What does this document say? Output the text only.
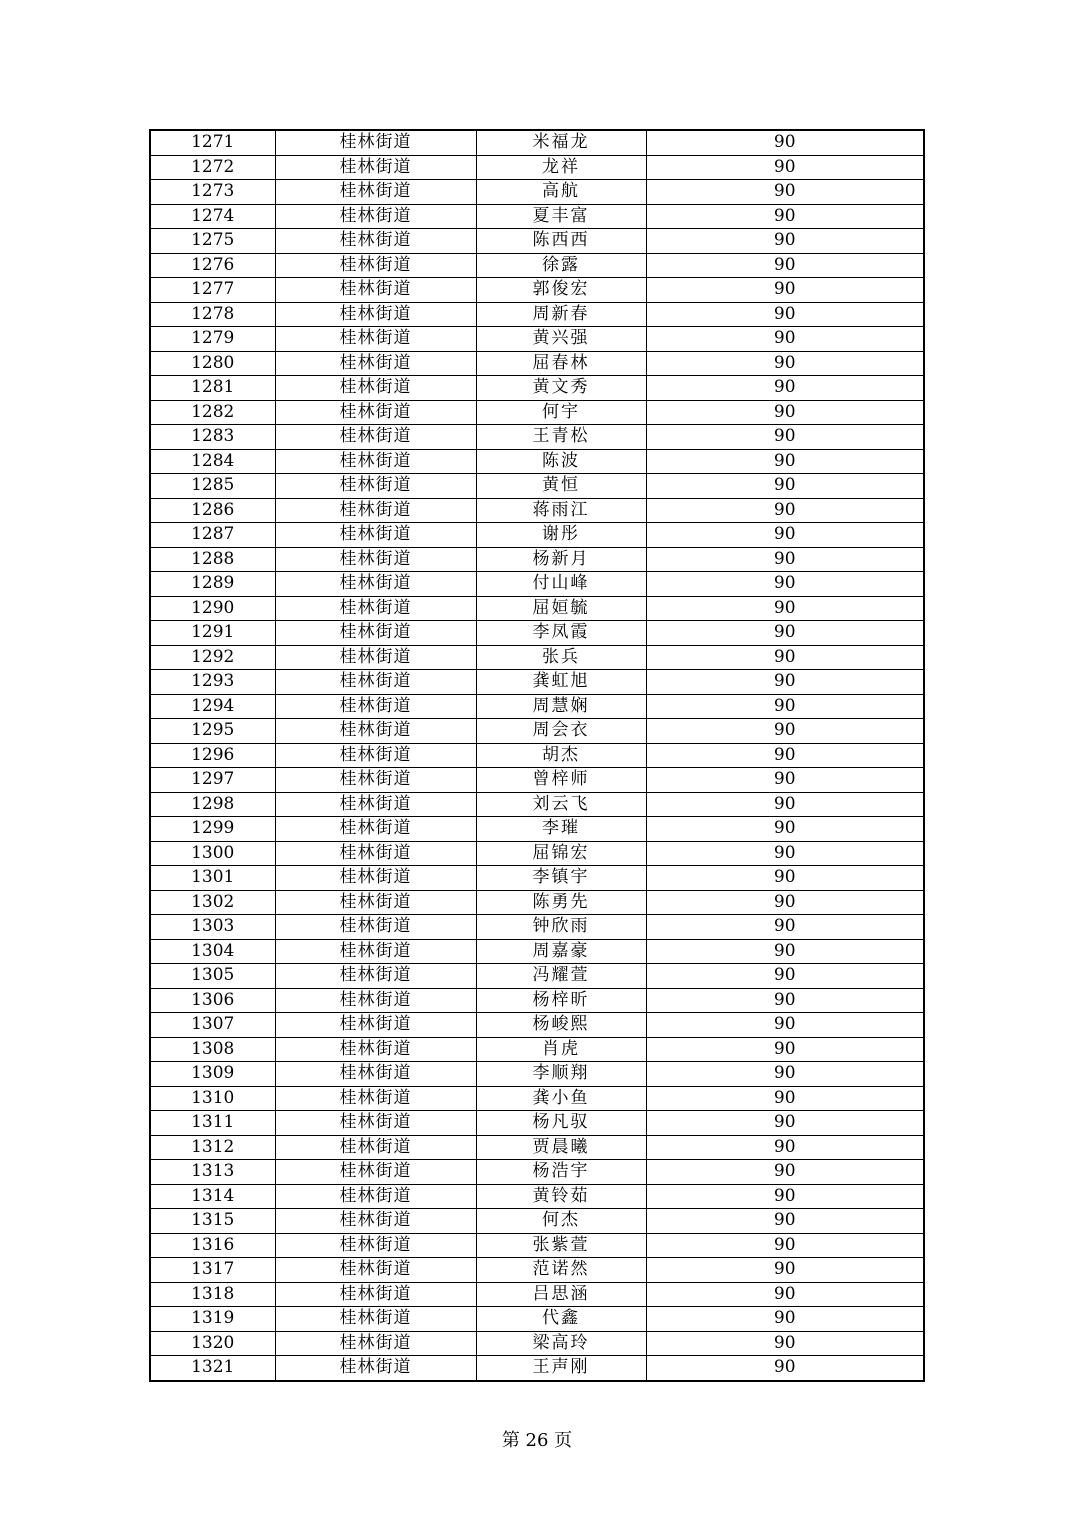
1271	桂林街道	米福龙	90
1272	桂林街道	龙祥	90
1273	桂林街道	高航	90
1274	桂林街道	夏丰富	90
1275	桂林街道	陈西西	90
1276	桂林街道	徐露	90
1277	桂林街道	郭俊宏	90
1278	桂林街道	周新春	90
1279	桂林街道	黄兴强	90
1280	桂林街道	屈春林	90
1281	桂林街道	黄文秀	90
1282	桂林街道	何宇	90
1283	桂林街道	王青松	90
1284	桂林街道	陈波	90
1285	桂林街道	黄恒	90
1286	桂林街道	蒋雨江	90
1287	桂林街道	谢彤	90
1288	桂林街道	杨新月	90
1289	桂林街道	付山峰	90
1290	桂林街道	屈姮毓	90
1291	桂林街道	李凤霞	90
1292	桂林街道	张兵	90
1293	桂林街道	龚虹旭	90
1294	桂林街道	周慧娴	90
1295	桂林街道	周会衣	90
1296	桂林街道	胡杰	90
1297	桂林街道	曾梓师	90
1298	桂林街道	刘云飞	90
1299	桂林街道	李璀	90
1300	桂林街道	屈锦宏	90
1301	桂林街道	李镇宇	90
1302	桂林街道	陈勇先	90
1303	桂林街道	钟欣雨	90
1304	桂林街道	周嘉豪	90
1305	桂林街道	冯耀萱	90
1306	桂林街道	杨梓昕	90
1307	桂林街道	杨峻熙	90
1308	桂林街道	肖虎	90
1309	桂林街道	李顺翔	90
1310	桂林街道	龚小鱼	90
1311	桂林街道	杨凡驭	90
1312	桂林街道	贾晨曦	90
1313	桂林街道	杨浩宇	90
1314	桂林街道	黄铃茹	90
1315	桂林街道	何杰	90
1316	桂林街道	张紫萱	90
1317	桂林街道	范诺然	90
1318	桂林街道	吕思涵	90
1319	桂林街道	代鑫	90
1320	桂林街道	梁高玲	90
1321	桂林街道	王声刚	90
第 26 页
